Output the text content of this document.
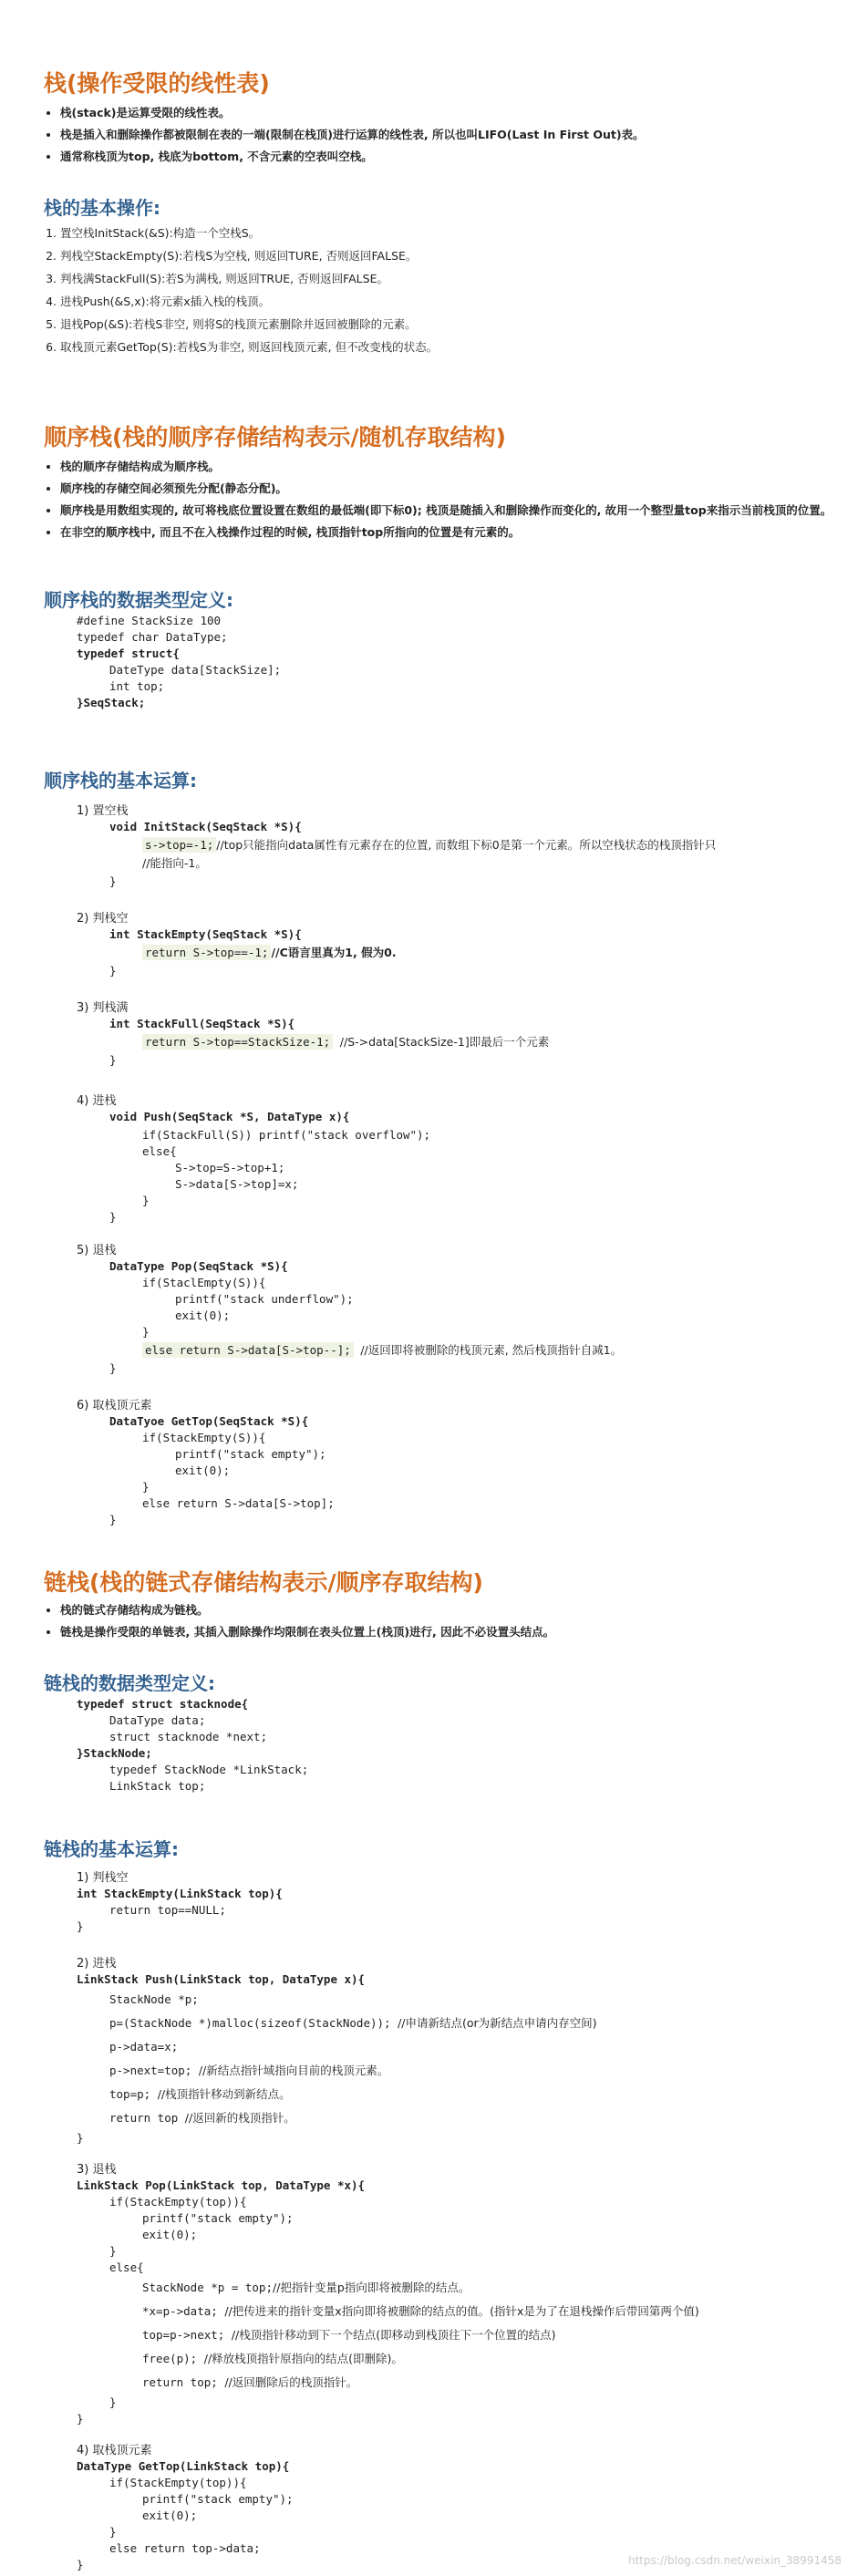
栈(操作受限的线性表)
• 栈(stack)是运算受限的线性表。
• 栈是插入和删除操作都被限制在表的一端(限制在栈顶)进行运算的线性表, 所以也叫LIFO(Last In First Out)表。
• 通常称栈顶为top, 栈底为bottom, 不含元素的空表叫空栈。
栈的基本操作:
1. 置空栈InitStack(&S):构造一个空栈S。
2. 判栈空StackEmpty(S):若栈S为空栈, 则返回TURE, 否则返回FALSE。
3. 判栈满StackFull(S):若S为满栈, 则返回TRUE, 否则返回FALSE。
4. 进栈Push(&S,x):将元素x插入栈的栈顶。
5. 退栈Pop(&S):若栈S非空, 则将S的栈顶元素删除并返回被删除的元素。
6. 取栈顶元素GetTop(S):若栈S为非空, 则返回栈顶元素, 但不改变栈的状态。
顺序栈(栈的顺序存储结构表示/随机存取结构)
• 栈的顺序存储结构成为顺序栈。
• 顺序栈的存储空间必须预先分配(静态分配)。
• 顺序栈是用数组实现的, 故可将栈底位置设置在数组的最低端(即下标0); 栈顶是随插入和删除操作而变化的, 故用一个整型量top来指示当前栈顶的位置。
• 在非空的顺序栈中, 而且不在入栈操作过程的时候, 栈顶指针top所指向的位置是有元素的。
顺序栈的数据类型定义:
#define StackSize 100
typedef char DataType;
typedef struct{
DateType data[StackSize];
int top;
}SeqStack;
顺序栈的基本运算:
1) 置空栈
void InitStack(SeqStack *S){
s->top=-1; //top只能指向data属性有元素存在的位置, 而数组下标0是第一个元素。所以空栈状态的栈顶指针只
//能指向-1。
}
2) 判栈空
int StackEmpty(SeqStack *S){
return S->top==-1; //C语言里真为1, 假为0.
}
3) 判栈满
int StackFull(SeqStack *S){
return S->top==StackSize-1; //S->data[StackSize-1]即最后一个元素
}
4) 进栈
void Push(SeqStack *S, DataType x){
if(StackFull(S)) printf("stack overflow");
else{
S->top=S->top+1;
S->data[S->top]=x;
}
}
5) 退栈
DataType Pop(SeqStack *S){
if(StaclEmpty(S)){
printf("stack underflow");
exit(0);
}
else return S->data[S->top--]; //返回即将被删除的栈顶元素, 然后栈顶指针自减1。
}
6) 取栈顶元素
DataTyoe GetTop(SeqStack *S){
if(StackEmpty(S)){
printf("stack empty");
exit(0);
}
else return S->data[S->top];
}
链栈(栈的链式存储结构表示/顺序存取结构)
• 栈的链式存储结构成为链栈。
• 链栈是操作受限的单链表, 其插入删除操作均限制在表头位置上(栈顶)进行, 因此不必设置头结点。
链栈的数据类型定义:
typedef struct stacknode{
DataType data;
struct stacknode *next;
}StackNode;
typedef StackNode *LinkStack;
LinkStack top;
链栈的基本运算:
1) 判栈空
int StackEmpty(LinkStack top){
return top==NULL;
}
2) 进栈
LinkStack Push(LinkStack top, DataType x){
StackNode *p;
p=(StackNode *)malloc(sizeof(StackNode)); //申请新结点(or为新结点申请内存空间)
p->data=x;
p->next=top; //新结点指针域指向目前的栈顶元素。
top=p; //栈顶指针移动到新结点。
return top //返回新的栈顶指针。
}
3) 退栈
LinkStack Pop(LinkStack top, DataType *x){
if(StackEmpty(top)){
printf("stack empty");
exit(0);
}
else{
StackNode *p = top;//把指针变量p指向即将被删除的结点。
*x=p->data; //把传进来的指针变量x指向即将被删除的结点的值。(指针x是为了在退栈操作后带回第两个值)
top=p->next; //栈顶指针移动到下一个结点(即移动到栈顶往下一个位置的结点)
free(p); //释放栈顶指针原指向的结点(即删除)。
return top; //返回删除后的栈顶指针。
}
}
4) 取栈顶元素
DataType GetTop(LinkStack top){
if(StackEmpty(top)){
printf("stack empty");
exit(0);
}
else return top->data;
}	https://blog.csdn.net/weixin_38991458
